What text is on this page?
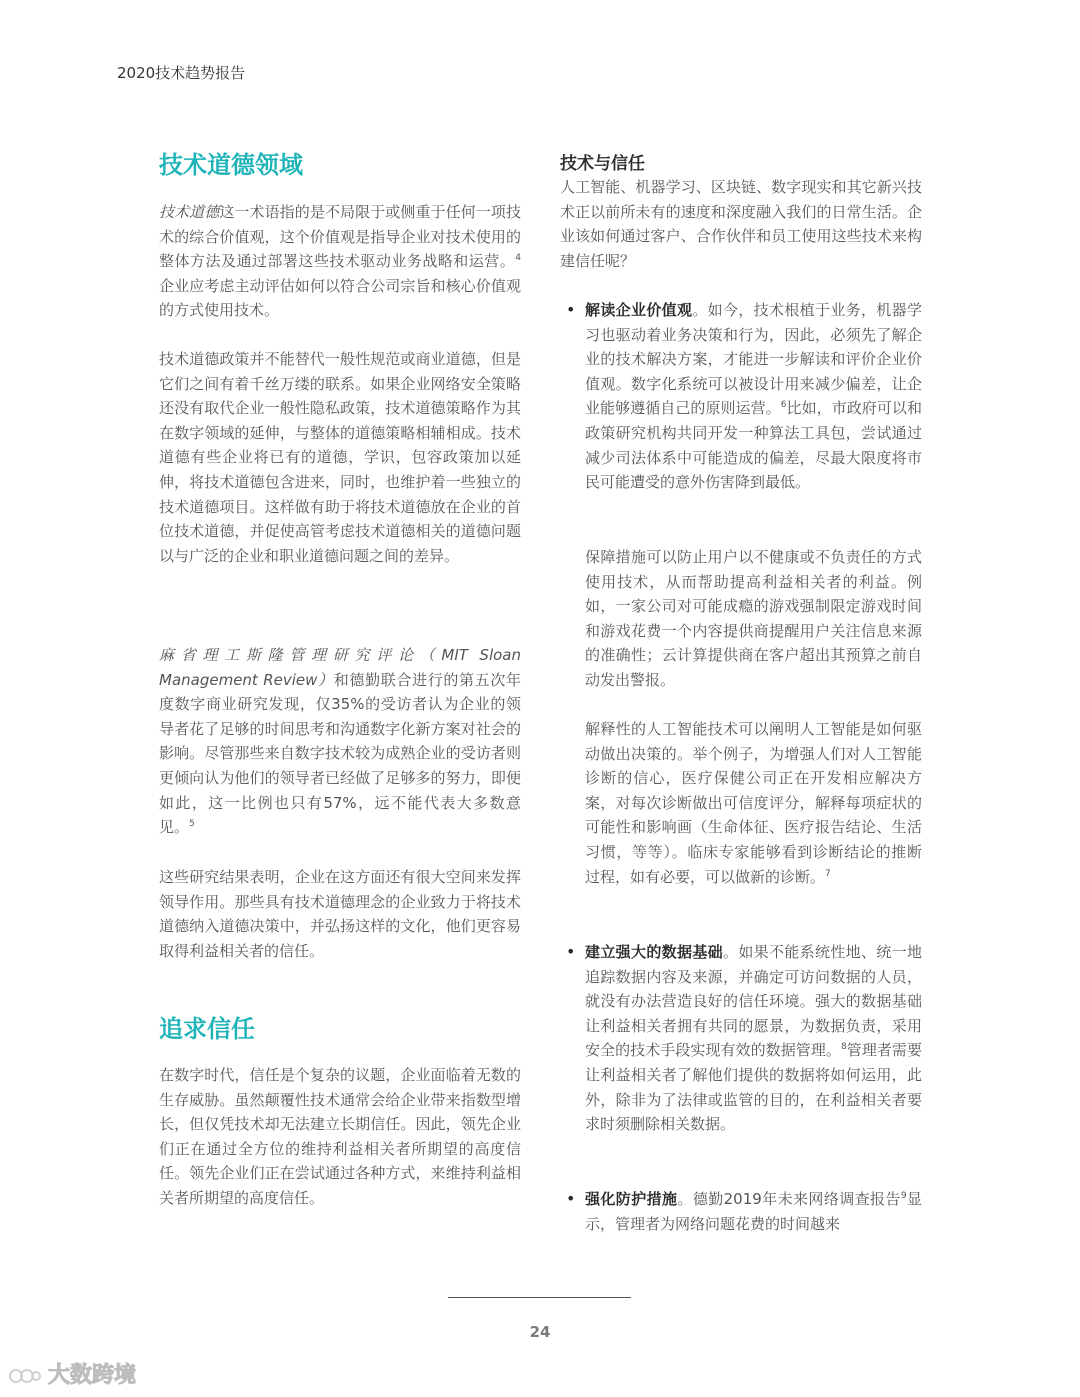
2020技术趋势报告
技术道德领域

技术道德这一术语指的是不局限于或侧重于任何一项技术的综合价值观，这个价值观是指导企业对技术使用的整体方法及通过部署这些技术驱动业务战略和运营。$^4$企业应考虑主动评估如何以符合公司宗旨和核心价值观的方式使用技术。

技术道德政策并不能替代一般性规范或商业道德，但是它们之间有着千丝万缕的联系。如果企业网络安全策略还没有取代企业一般性隐私政策，技术道德策略作为其在数字领域的延伸，与整体的道德策略相辅相成。技术道德有些企业将已有的道德，学识，包容政策加以延伸，将技术道德包含进来，同时，也维护着一些独立的技术道德项目。这样做有助于将技术道德放在企业的首位技术道德，并促使高管考虑技术道德相关的道德问题以与广泛的企业和职业道德问题之间的差异。

麻省理工斯隆管理研究评论（MIT Sloan Management Review）和德勤联合进行的第五次年度数字商业研究发现，仅35%的受访者认为企业的领导者花了足够的时间思考和沟通数字化新方案对社会的影响。尽管那些来自数字技术较为成熟企业的受访者则更倾向认为他们的领导者已经做了足够多的努力，即便如此，这一比例也只有57%，远不能代表大多数意见。$^5$

这些研究结果表明，企业在这方面还有很大空间来发挥领导作用。那些具有技术道德理念的企业致力于将技术道德纳入道德决策中，并弘扬这样的文化，他们更容易取得利益相关者的信任。

追求信任

在数字时代，信任是个复杂的议题，企业面临着无数的生存威胁。虽然颠覆性技术通常会给企业带来指数型增长，但仅凭技术却无法建立长期信任。因此，领先企业们正在通过全方位的维持利益相关者所期望的高度信任。领先企业们正在尝试通过各种方式，来维持利益相关者所期望的高度信任。

技术与信任

人工智能、机器学习、区块链、数字现实和其它新兴技术正以前所未有的速度和深度融入我们的日常生活。企业该如何通过客户、合作伙伴和员工使用这些技术来构建信任呢？

• 解读企业价值观。如今，技术根植于业务，机器学习也驱动着业务决策和行为，因此，必须先了解企业的技术解决方案，才能进一步解读和评价企业价值观。数字化系统可以被设计用来减少偏差，让企业能够遵循自己的原则运营。$^6$比如，市政府可以和政策研究机构共同开发一种算法工具包，尝试通过减少司法体系中可能造成的偏差，尽最大限度将市民可能遭受的意外伤害降到最低。

保障措施可以防止用户以不健康或不负责任的方式使用技术，从而帮助提高利益相关者的利益。例如，一家公司对可能成瘾的游戏强制限定游戏时间和游戏花费一个内容提供商提醒用户关注信息来源的准确性；云计算提供商在客户超出其预算之前自动发出警报。

解释性的人工智能技术可以阐明人工智能是如何驱动做出决策的。举个例子，为增强人们对人工智能诊断的信心，医疗保健公司正在开发相应解决方案，对每次诊断做出可信度评分，解释每项症状的可能性和影响画（生命体征、医疗报告结论、生活习惯，等等）。临床专家能够看到诊断结论的推断过程，如有必要，可以做新的诊断。$^7$

• 建立强大的数据基础。如果不能系统性地、统一地追踪数据内容及来源，并确定可访问数据的人员，就没有办法营造良好的信任环境。强大的数据基础让利益相关者拥有共同的愿景，为数据负责，采用安全的技术手段实现有效的数据管理。$^8$管理者需要让利益相关者了解他们提供的数据将如何运用，此外，除非为了法律或监管的目的，在利益相关者要求时须删除相关数据。

• 强化防护措施。德勤2019年未来网络调查报告$^9$显示，管理者为网络问题花费的时间越来

24
大数跨境
